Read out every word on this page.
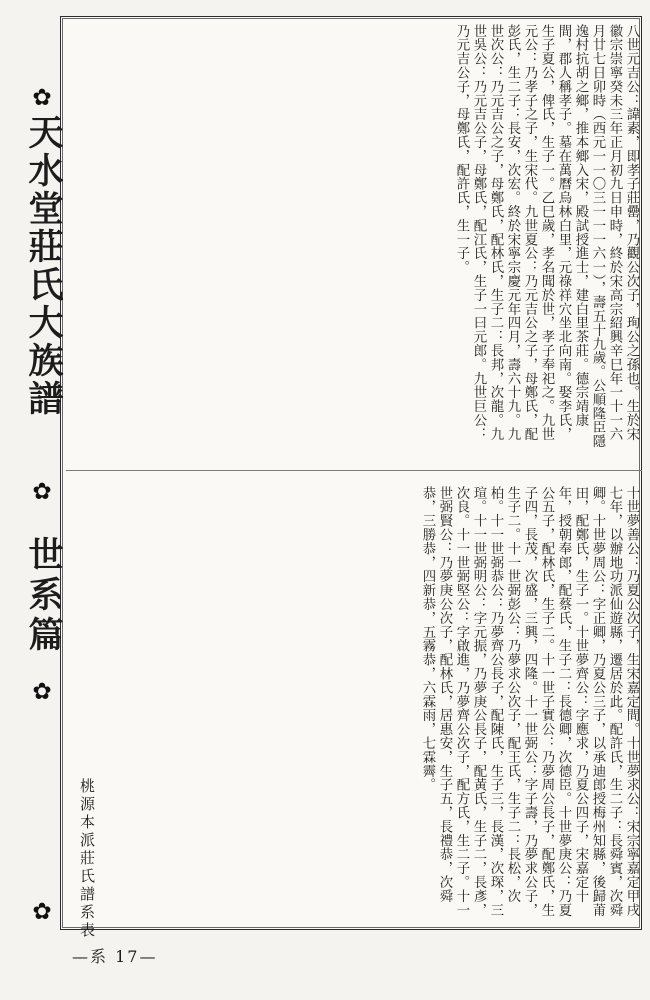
八世元吉公：諱素，即孝子莊罍，乃觀公次子，珣公之孫也。生於宋徽宗崇寧癸未三年正月初九日申時，終於宋高宗紹興辛巳年一十一六月廿七日卯時（西元一一〇三一一一六一），壽五十九歲。公順隆臣隱逸村抗胡之鄉，推本鄉入宋，殿試授進士，建白里茶莊。德宗靖康間，郡人稱孝子。墓在萬曆烏林白里，元祿祥穴坐北向南。娶李氏，生子夏公，俾氏，生子一。乙巳歲，孝名聞於世，孝子奉祀之。九世元公：乃孝子之子，生宋代。九世夏公：乃元吉公之子，母鄭氏，配彭氏，生二子：長安，次宏。終於宋寧宗慶元年四月，壽六十九。九世次公：乃元吉公之子，母鄭氏，配林氏，生子二：長邦，次龍。九世吳公：乃元吉公子，母鄭氏，配江氏，生子一曰元郎。九世巨公：乃元吉公子，母鄭氏，配許氏，生一子。

十世夢善公：乃夏公次子，生宋嘉定間。十世夢求公：宋宗寧嘉定甲戌七年，以辦地功派仙遊縣，遷居於此。配許氏，生二子：長舜賓，次舜卿。十世夢周公：字正卿，乃夏公三子，以承迪郎授梅州知縣，後歸莆田，配鄭氏，生子一。十世夢齊公：字應求，乃夏公四子，宋嘉定十年，授朝奉郎，配蔡氏，生子二：長德卿，次德臣。十世夢庚公：乃夏公五子，配林氏，生子二。十一世子實公：乃夢周公長子，配鄭氏，生子四，長茂，次盛，三興，四隆。十一世弼公：字子壽，乃夢求公子，生子二。十一世弼彭公：乃夢求公次子，配王氏，生子二：長松，次柏。十一世弼恭公：乃夢齊公長子，配陳氏，生子三，長漢，次琛，三瑄。十一世弼明公：字元振，乃夢庚公長子，配黃氏，生子二，長彥，次良。十一世弼堅公：字啟進，乃夢齊公次子，配方氏，生二子。十一世弼賢公：乃夢庚公次子，配林氏，居惠安，生子五，長禮恭，次舜恭，三勝恭，四新恭，五霧恭，六霖雨，七霖霽。

✿
天水堂莊氏大族譜
✿
世系篇
✿
✿ 桃源本派莊氏譜系表
—系 17—
